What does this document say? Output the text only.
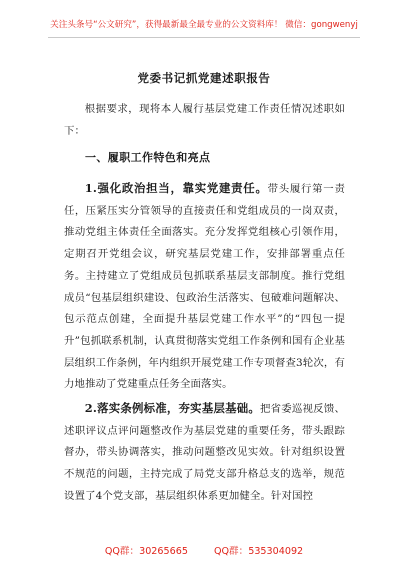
关注头条号“公文研究”，获得最新最全最专业的公文资料库！ 微信：gongwenyj
党委书记抓党建述职报告
根据要求，现将本人履行基层党建工作责任情况述职如下：
一、履职工作特色和亮点
1.强化政治担当，靠实党建责任。带头履行第一责任，压紧压实分管领导的直接责任和党组成员的一岗双责，推动党组主体责任全面落实。充分发挥党组核心引领作用，定期召开党组会议，研究基层党建工作，安排部署重点任务。主持建立了党组成员包抓联系基层支部制度。推行党组成员“包基层组织建设、包政治生活落实、包破难问题解决、包示范点创建，全面提升基层党建工作水平”的“四包一提升”包抓联系机制，认真贯彻落实党组工作条例和国有企业基层组织工作条例，年内组织开展党建工作专项督查3轮次，有力地推动了党建重点任务全面落实。
2.落实条例标准，夯实基层基础。把省委巡视反馈、述职评议点评问题整改作为基层党建的重要任务，带头跟踪督办，带头协调落实，推动问题整改见实效。针对组织设置不规范的问题，主持完成了局党支部升格总支的选举，规范设置了4个党支部，基层组织体系更加健全。针对国控
QQ群：30265665	QQ群：535304092
